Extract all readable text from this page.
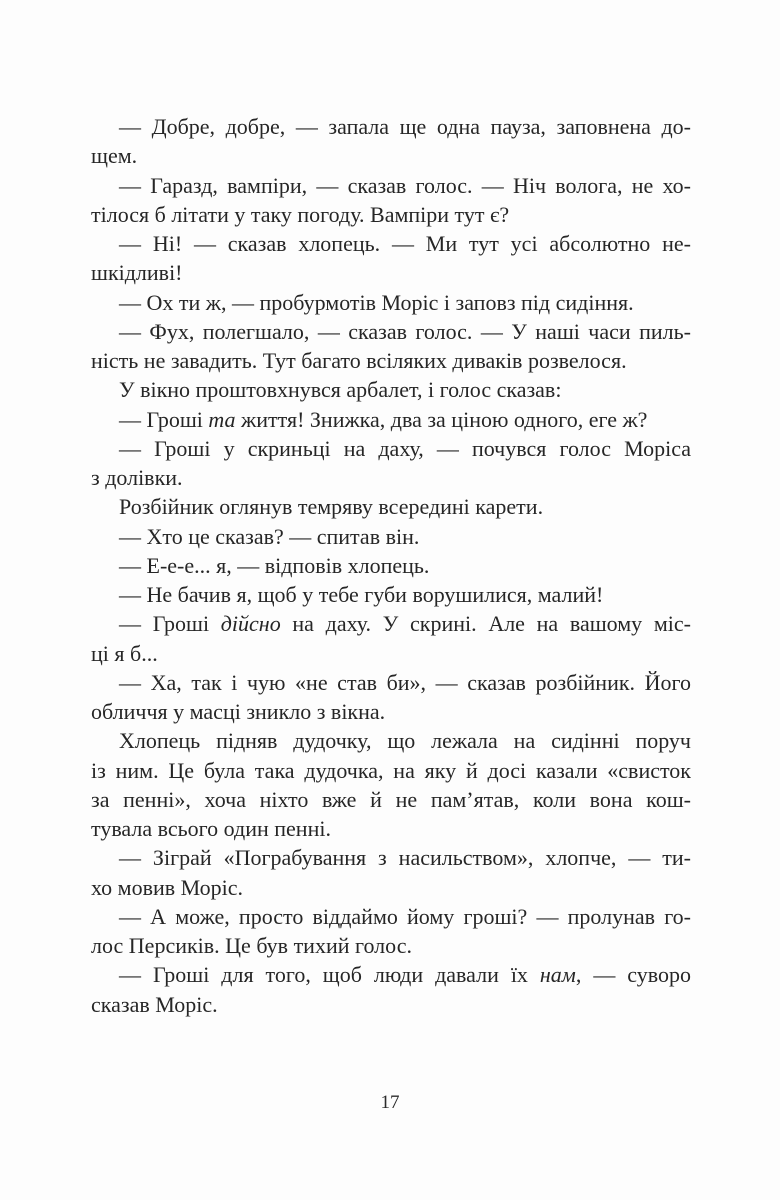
— Добре, добре, — запала ще одна пауза, заповнена до-
щем.
— Гаразд, вампіри, — сказав голос. — Ніч волога, не хо-
тілося б літати у таку погоду. Вампіри тут є?
— Ні! — сказав хлопець. — Ми тут усі абсолютно не-
шкідливі!
— Ох ти ж, — пробурмотів Моріс і заповз під сидіння.
— Фух, полегшало, — сказав голос. — У наші часи пиль-
ність не завадить. Тут багато всіляких диваків розвелося.
У вікно проштовхнувся арбалет, і голос сказав:
— Гроші та життя! Знижка, два за ціною одного, еге ж?
— Гроші у скриньці на даху, — почувся голос Моріса
з долівки.
Розбійник оглянув темряву всередині карети.
— Хто це сказав? — спитав він.
— Е-е-е... я, — відповів хлопець.
— Не бачив я, щоб у тебе губи ворушилися, малий!
— Гроші дійсно на даху. У скрині. Але на вашому міс-
ці я б...
— Ха, так і чую «не став би», — сказав розбійник. Його
обличчя у масці зникло з вікна.
Хлопець підняв дудочку, що лежала на сидінні поруч
із ним. Це була така дудочка, на яку й досі казали «свисток
за пенні», хоча ніхто вже й не пам’ятав, коли вона кош-
тувала всього один пенні.
— Зіграй «Пограбування з насильством», хлопче, — ти-
хо мовив Моріс.
— А може, просто віддаймо йому гроші? — пролунав го-
лос Персиків. Це був тихий голос.
— Гроші для того, щоб люди давали їх нам, — суворо
сказав Моріс.
17
